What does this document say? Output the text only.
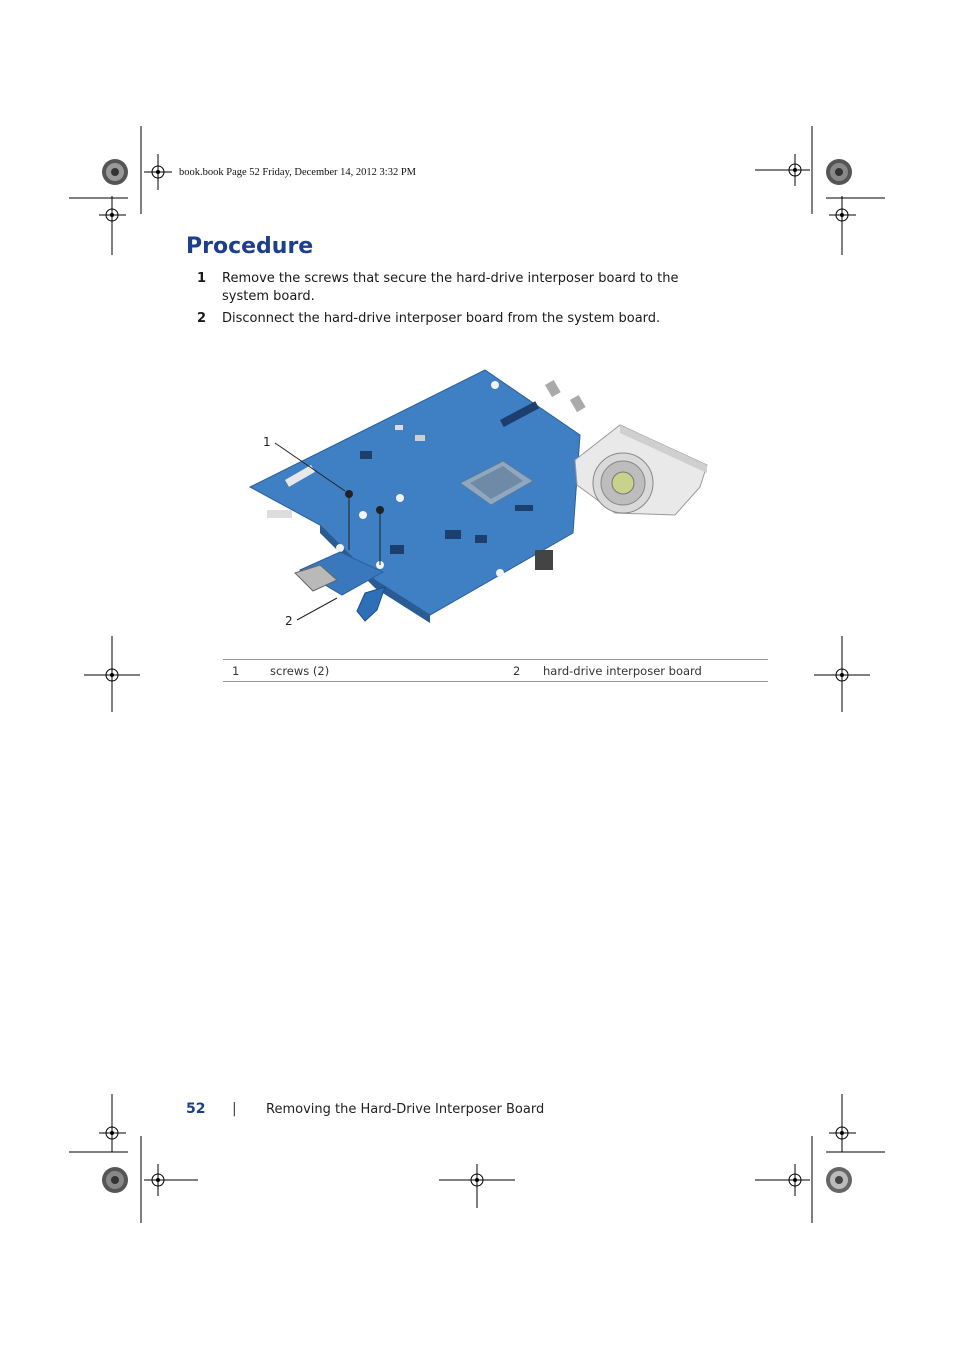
book.book Page 52 Friday, December 14, 2012 3:32 PM
Procedure
1 Remove the screws that secure the hard-drive interposer board to the system board.
2 Disconnect the hard-drive interposer board from the system board.
1
2
1	screws (2)	2	hard-drive interposer board
52 | Removing the Hard-Drive Interposer Board
